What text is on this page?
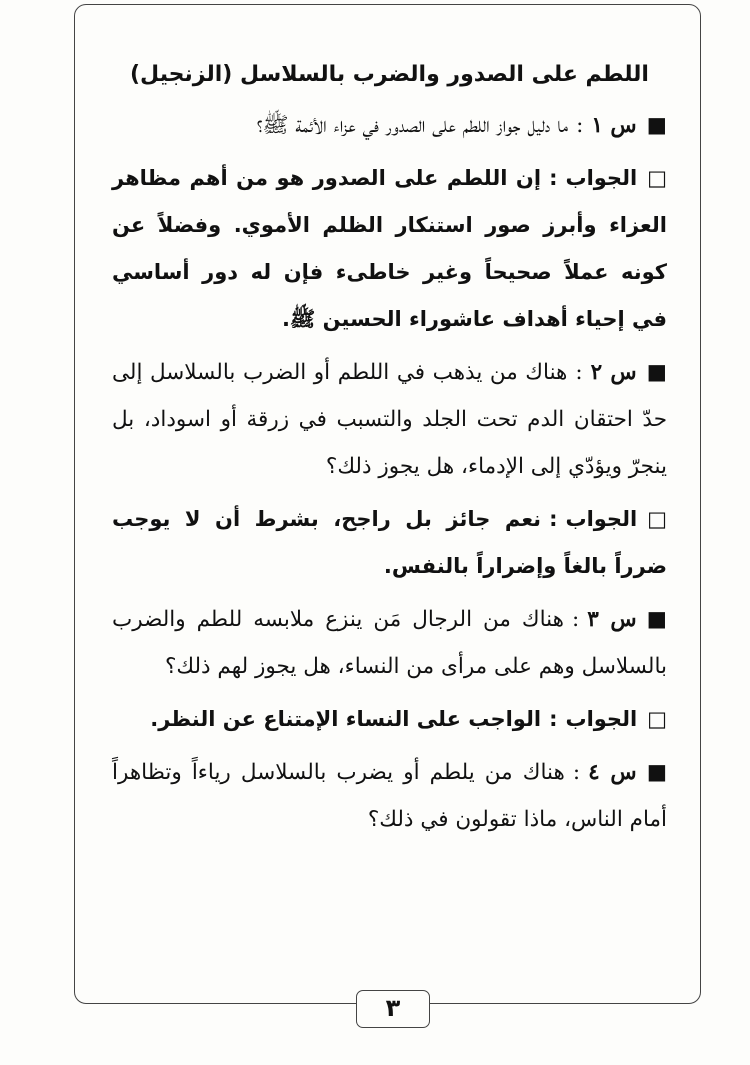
اللطم على الصدور والضرب بالسلاسل (الزنجيل)

■س ١:ما دليل جواز اللطم على الصدور في عزاء الأئمة ﷺ؟

□الجواب:إن اللطم على الصدور هو من أهم مظاهر العزاء وأبرز صور استنكار الظلم الأموي. وفضلاً عن كونه عملاً صحيحاً وغير خاطىء فإن له دور أساسي في إحياء أهداف عاشوراء الحسين ﷺ.

■س ٢:هناك من يذهب في اللطم أو الضرب بالسلاسل إلى حدّ احتقان الدم تحت الجلد والتسبب في زرقة أو اسوداد، بل ينجرّ ويؤدّي إلى الإدماء، هل يجوز ذلك؟

□الجواب:نعم جائز بل راجح، بشرط أن لا يوجب ضرراً بالغاً وإضراراً بالنفس.

■س ٣:هناك من الرجال مَن ينزع ملابسه للطم والضرب بالسلاسل وهم على مرأى من النساء، هل يجوز لهم ذلك؟

□الجواب:الواجب على النساء الإمتناع عن النظر.

■س ٤:هناك من يلطم أو يضرب بالسلاسل رياءاً وتظاهراً أمام الناس، ماذا تقولون في ذلك؟

٣
